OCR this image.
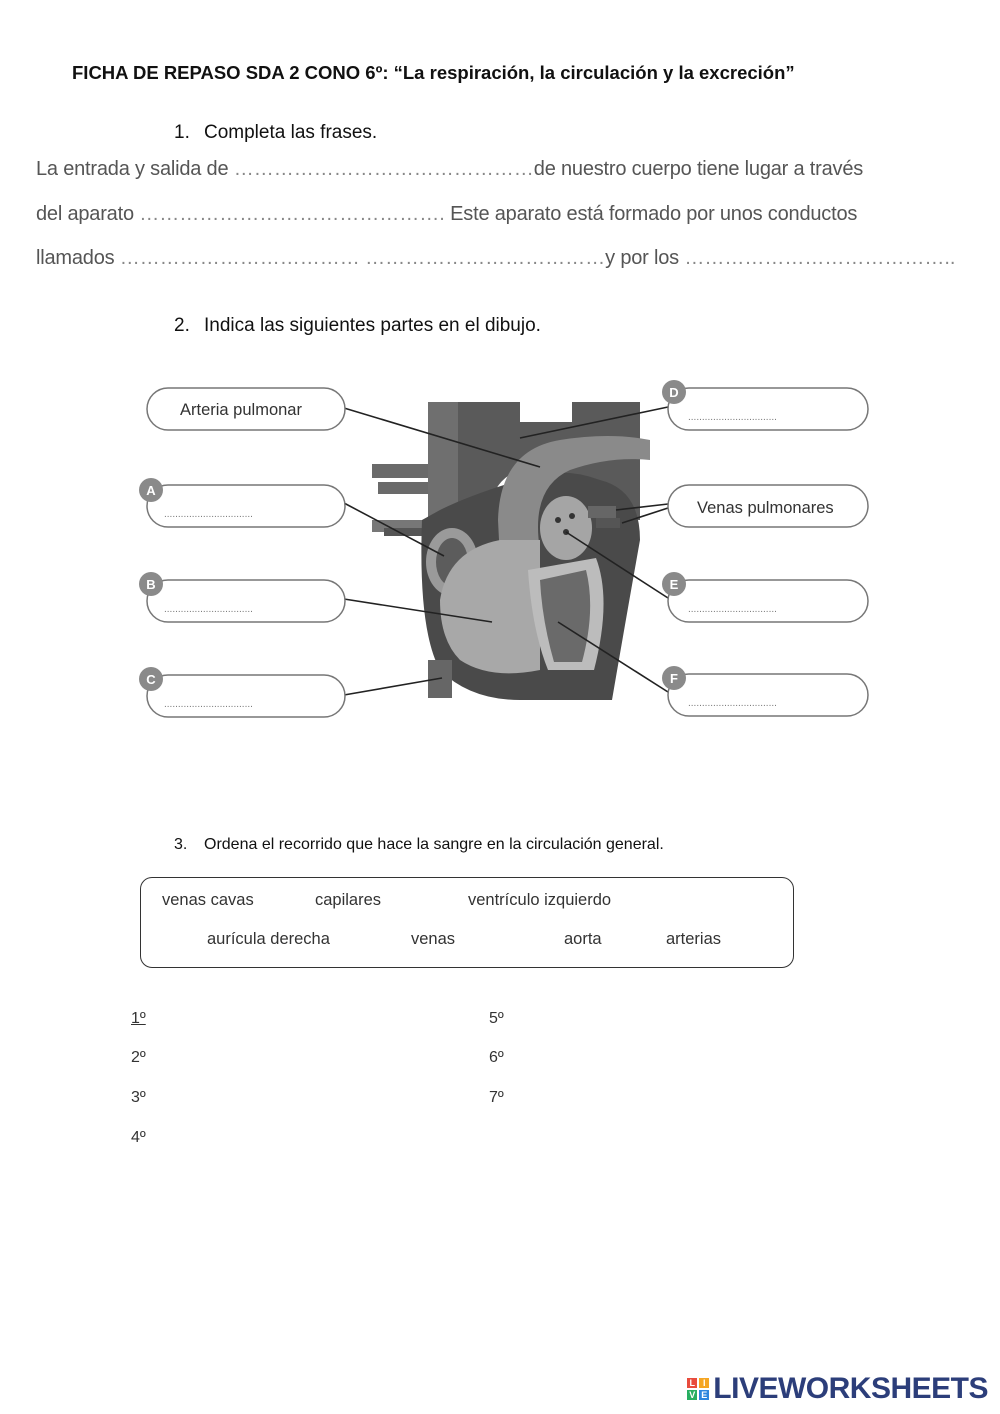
FICHA DE REPASO SDA 2 CONO 6º: “La respiración, la circulación y la excreción”
1. Completa las frases.
La entrada y salida de ………………………………………de nuestro cuerpo tiene lugar a través
del aparato ………………………………………. Este aparato está formado por unos conductos
llamados ……………………………… ………………………………y por los …………………………………..
2. Indica las siguientes partes en el dibujo.
Arteria pulmonar
................................
A
................................
B
................................
C
................................
D
Venas pulmonares
................................
E
................................
F
3. Ordena el recorrido que hace la sangre en la circulación general.
venas cavas	capilares	ventrículo izquierdo
aurícula derecha	venas	aorta	arterias
1º
2º
3º
4º
5º
6º
7º
L I
V E LIVEWORKSHEETS
